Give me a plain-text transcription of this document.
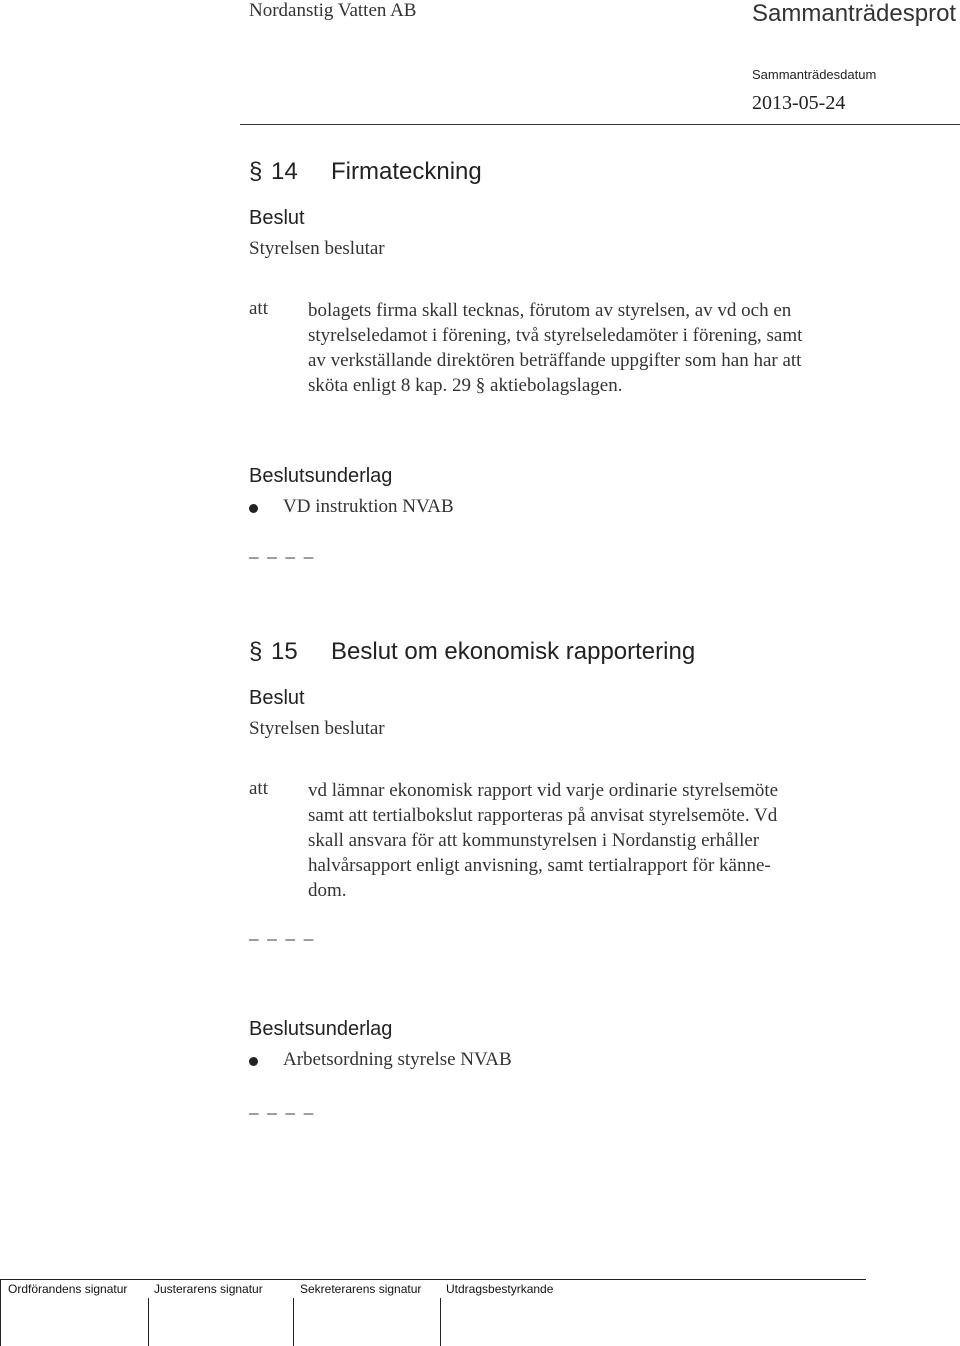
Nordanstig Vatten AB	Sammanträdesprot
Sammanträdesdatum
2013-05-24
§ 14 Firmateckning
Beslut
Styrelsen beslutar
att bolagets firma skall tecknas, förutom av styrelsen, av vd och en
styrelseledamot i förening, två styrelseledamöter i förening, samt
av verkställande direktören beträffande uppgifter som han har att
sköta enligt 8 kap. 29 § aktiebolagslagen.
Beslutsunderlag
VD instruktion NVAB
_ _ _ _
§ 15 Beslut om ekonomisk rapportering
Beslut
Styrelsen beslutar
att vd lämnar ekonomisk rapport vid varje ordinarie styrelsemöte
samt att tertialbokslut rapporteras på anvisat styrelsemöte. Vd
skall ansvara för att kommunstyrelsen i Nordanstig erhåller
halvårsapport enligt anvisning, samt tertialrapport för känne-
dom.
_ _ _ _
Beslutsunderlag
Arbetsordning styrelse NVAB
_ _ _ _
Ordförandens signatur Justerarens signatur	Sekreterarens signatur Utdragsbestyrkande
